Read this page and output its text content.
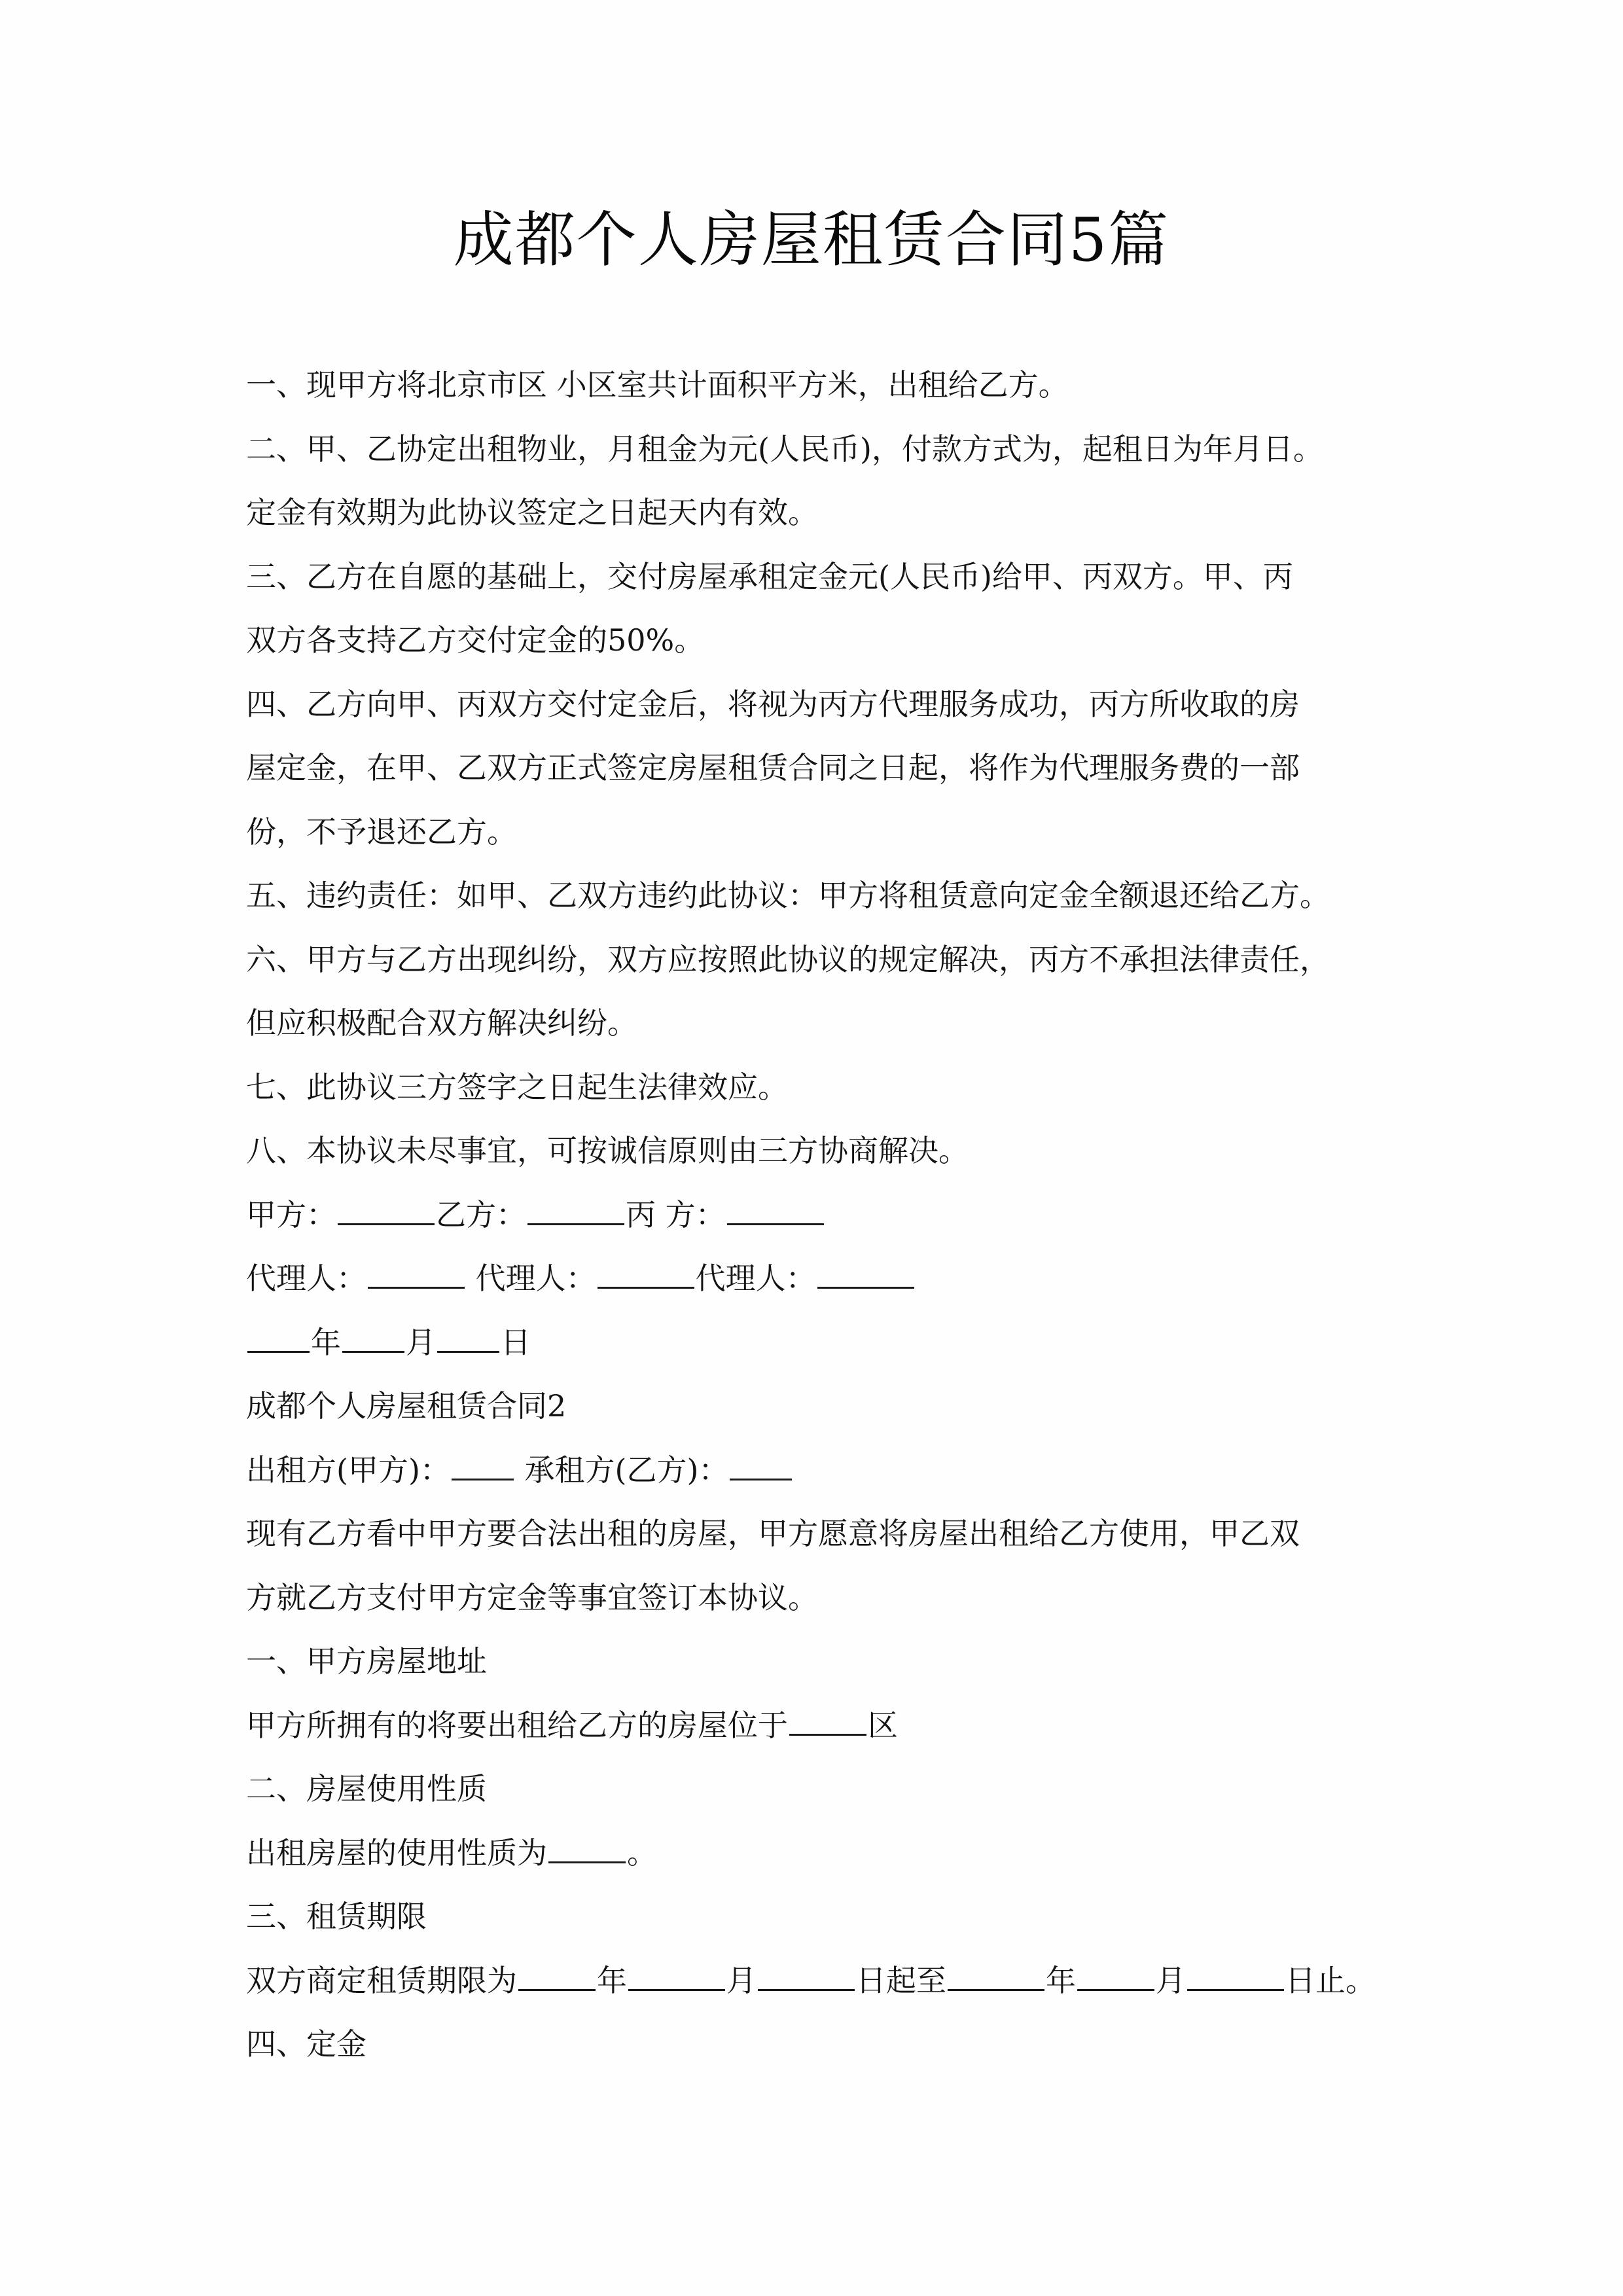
成都个人房屋租赁合同5篇
一、现甲方将北京市区 小区室共计面积平方米，出租给乙方。
二、甲、乙协定出租物业，月租金为元(人民币)，付款方式为，起租日为年月日。
定金有效期为此协议签定之日起天内有效。
三、乙方在自愿的基础上，交付房屋承租定金元(人民币)给甲、丙双方。甲、丙
双方各支持乙方交付定金的50%。
四、乙方向甲、丙双方交付定金后，将视为丙方代理服务成功，丙方所收取的房
屋定金，在甲、乙双方正式签定房屋租赁合同之日起，将作为代理服务费的一部
份，不予退还乙方。
五、违约责任：如甲、乙双方违约此协议：甲方将租赁意向定金全额退还给乙方。
六、甲方与乙方出现纠纷，双方应按照此协议的规定解决，丙方不承担法律责任，
但应积极配合双方解决纠纷。
七、此协议三方签字之日起生法律效应。
八、本协议未尽事宜，可按诚信原则由三方协商解决。
甲方：	乙方：	丙 方：
代理人：	代理人：	代理人：
年 月 日
成都个人房屋租赁合同2
出租方(甲方)： 承租方(乙方)：
现有乙方看中甲方要合法出租的房屋，甲方愿意将房屋出租给乙方使用，甲乙双
方就乙方支付甲方定金等事宜签订本协议。
一、甲方房屋地址
甲方所拥有的将要出租给乙方的房屋位于	区
二、房屋使用性质
出租房屋的使用性质为	。
三、租赁期限
双方商定租赁期限为	年	月	日起至	年	月	日止。
四、定金
